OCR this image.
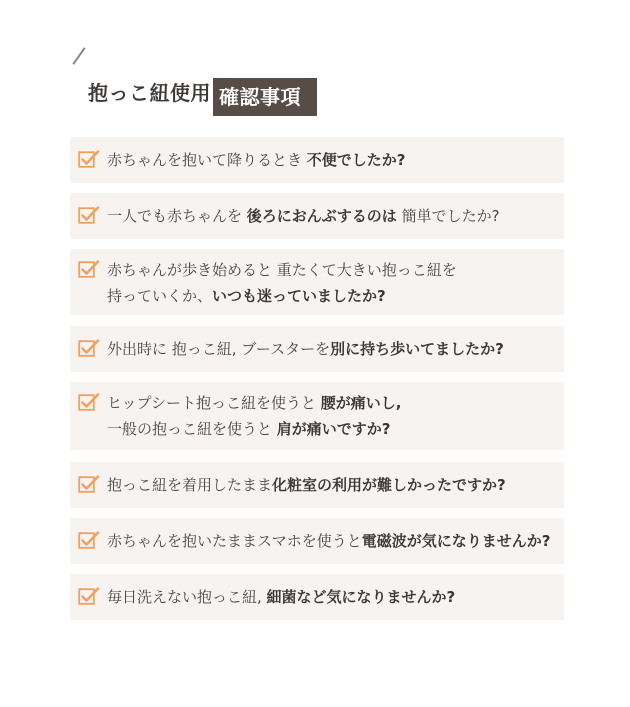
抱っこ紐使用 確認事項
赤ちゃんを抱いて降りるとき 不便でしたか?
一人でも赤ちゃんを 後ろにおんぶするのは 簡単でしたか?
赤ちゃんが歩き始めると 重たくて大きい抱っこ紐を
持っていくか、いつも迷っていましたか?
外出時に 抱っこ紐, ブースターを別に持ち歩いてましたか?
ヒップシート抱っこ紐を使うと 腰が痛いし,
一般の抱っこ紐を使うと 肩が痛いですか?
抱っこ紐を着用したまま化粧室の利用が難しかったですか?
赤ちゃんを抱いたままスマホを使うと電磁波が気になりませんか?
毎日洗えない抱っこ紐, 細菌など気になりませんか?
